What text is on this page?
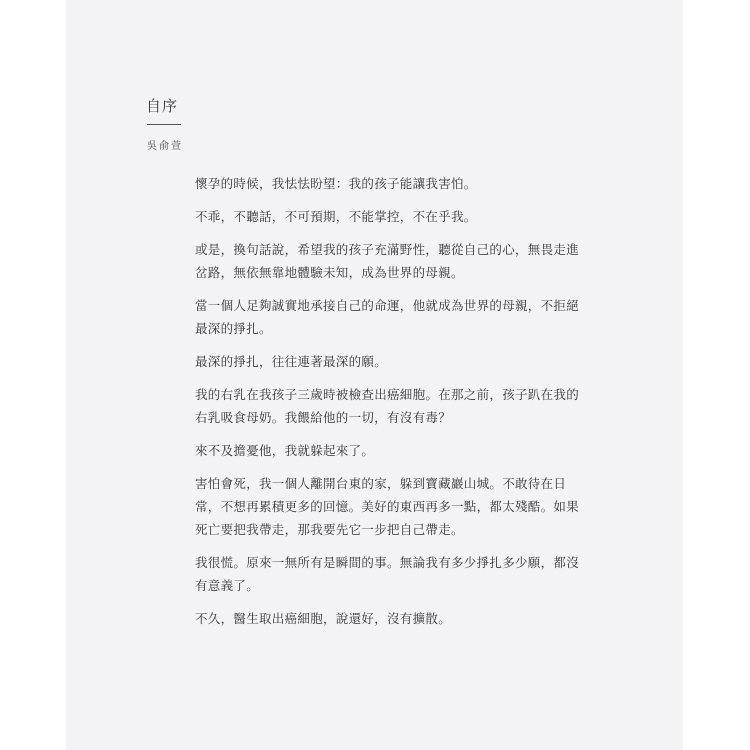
自序
吳俞萱

懷孕的時候，我怯怯盼望：我的孩子能讓我害怕。

不乖，不聽話，不可預期，不能掌控，不在乎我。

或是，換句話說，希望我的孩子充滿野性，聽從自己的心，無畏走進
岔路，無依無靠地體驗未知，成為世界的母親。

當一個人足夠誠實地承接自己的命運，他就成為世界的母親，不拒絕
最深的掙扎。

最深的掙扎，往往連著最深的願。

我的右乳在我孩子三歲時被檢查出癌細胞。在那之前，孩子趴在我的
右乳吸食母奶。我餵給他的一切，有沒有毒？

來不及擔憂他，我就躲起來了。

害怕會死，我一個人離開台東的家，躲到寶藏巖山城。不敢待在日
常，不想再累積更多的回憶。美好的東西再多一點，都太殘酷。如果
死亡要把我帶走，那我要先它一步把自己帶走。

我很慌。原來一無所有是瞬間的事。無論我有多少掙扎多少願，都沒
有意義了。

不久，醫生取出癌細胞，說還好，沒有擴散。
